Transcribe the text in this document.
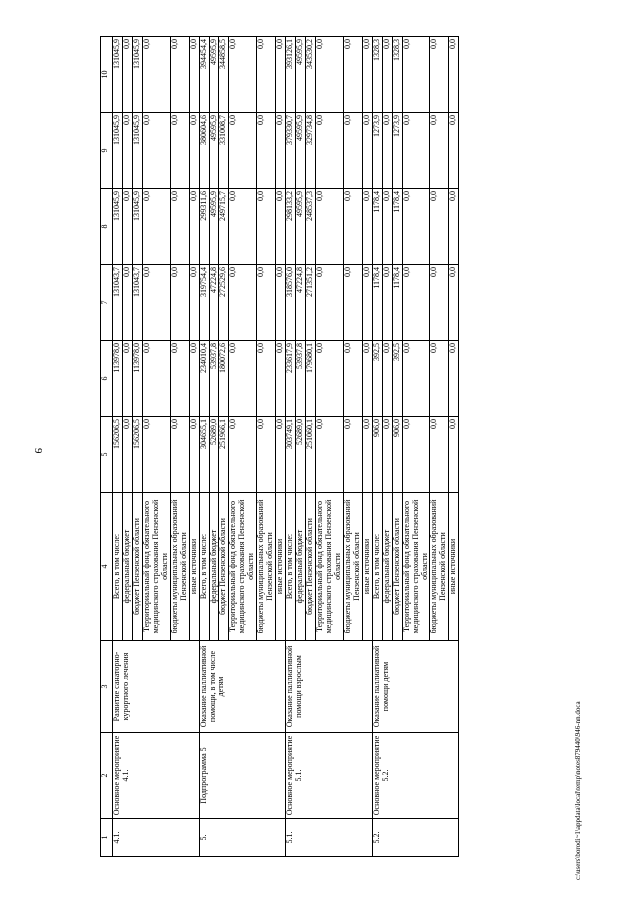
9
1	2	3	4	5	6	7	8	9	10
4.1.	Основное мероприятие 4.1.	Развитие санаторно-курортного лечения	Всего, в том числе:	156206,5	113978,0	131043,7	131045,9	131045,9	131045,9
			федеральный бюджет	0,0	0,0	0,0	0,0	0,0	0,0
			бюджет Пензенской области	156206,5	113978,0	131043,7	131045,9	131045,9	131045,9
			Территориальный фонд обязательного медицинского страхования Пензенской области	0,0	0,0	0,0	0,0	0,0	0,0
			бюджеты муниципальных образований Пензенской области	0,0	0,0	0,0	0,0	0,0	0,0
			иные источники	0,0	0,0	0,0	0,0	0,0	0,0
5.	Подпрограмма 5	Оказание паллиативной помощи, в том числе детям	Всего, в том числе:	304655,1	234010,4	319754,4	299311,6	380604,6	394454,4
			федеральный бюджет	52689,0	53937,8	47224,8	49595,9	49595,9	49595,9
			бюджет Пензенской области	251966,1	180072,6	272529,6	249715,7	331008,7	344858,5
			Территориальный фонд обязательного медицинского страхования Пензенской области	0,0	0,0	0,0	0,0	0,0	0,0
			бюджеты муниципальных образований Пензенской области	0,0	0,0	0,0	0,0	0,0	0,0
			иные источники	0,0	0,0	0,0	0,0	0,0	0,0
5.1.	Основное мероприятие 5.1.	Оказание паллиативной помощи взрослым	Всего, в том числе:	303749,1	233617,9	318576,0	298133,2	379330,7	393126,1
			федеральный бюджет	52689,0	53937,8	47224,8	49595,9	49595,9	49595,9
			бюджет Пензенской области	251060,1	179680,1	271351,2	248537,3	329734,8	343530,2
			Территориальный фонд обязательного медицинского страхования Пензенской области	0,0	0,0	0,0	0,0	0,0	0,0
			бюджеты муниципальных образований Пензенской области	0,0	0,0	0,0	0,0	0,0	0,0
			иные источники	0,0	0,0	0,0	0,0	0,0	0,0
5.2.	Основное мероприятие 5.2.	Оказание паллиативной помощи детям	Всего, в том числе:	906,0	392,5	1178,4	1178,4	1273,9	1328,3
			федеральный бюджет	0,0	0,0	0,0	0,0	0,0	0,0
			бюджет Пензенской области	906,0	392,5	1178,4	1178,4	1273,9	1328,3
			Территориальный фонд обязательного медицинского страхования Пензенской области	0,0	0,0	0,0	0,0	0,0	0,0
			бюджеты муниципальных образований Пензенской области	0,0	0,0	0,0	0,0	0,0	0,0
			иные источники	0,0	0,0	0,0	0,0	0,0	0,0
c:\users\borodi~1\appdata\local\temp\notes879440\946-nn.doca
